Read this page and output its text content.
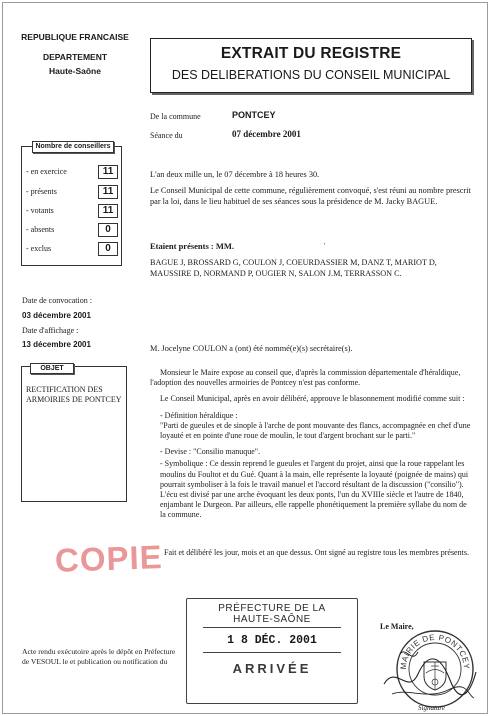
REPUBLIQUE FRANCAISE
DEPARTEMENT
Haute-Saône
EXTRAIT DU REGISTRE
DES DELIBERATIONS DU CONSEIL MUNICIPAL
De la commune	PONTCEY
Séance du	07 décembre 2001
Nombre de conseillers
- en exercice	11
- présents	11
- votants	11
- absents	0
- exclus	0
L'an deux mille un, le 07 décembre à 18 heures 30.
Le Conseil Municipal de cette commune, régulièrement convoqué, s'est réuni au nombre prescrit par la loi, dans le lieu habituel de ses séances sous la présidence de M. Jacky BAGUE.
Etaient présents : MM.	'
BAGUE J, BROSSARD G, COULON J, COEURDASSIER M, DANZ T, MARIOT D, MAUSSIRE D, NORMAND P, OUGIER N, SALON J.M, TERRASSON C.
Date de convocation :
03 décembre 2001
Date d'affichage :
13 décembre 2001	M. Jocelyne COULON a (ont) été nommé(e)(s) secrétaire(s).
OBJET
RECTIFICATION DES ARMOIRIES DE PONTCEY

Monsieur le Maire expose au conseil que, d'après la commission départementale d'héraldique, l'adoption des nouvelles armoiries de Pontcey n'est pas conforme.

Le Conseil Municipal, après en avoir délibéré, approuve le blasonnement modifié comme suit :

- Définition héraldique :
"Parti de gueules et de sinople à l'arche de pont mouvante des flancs, accompagnée en chef d'une loyauté et en pointe d'une roue de moulin, le tout d'argent brochant sur le parti."
- Devise : "Consilio manuque".
- Symbolique : Ce dessin reprend le gueules et l'argent du projet, ainsi que la roue rappelant les moulins du Foultot et du Gué. Quant à la main, elle représente la loyauté (poignée de mains) qui pourrait symboliser à la fois le travail manuel et l'accord résultant de la discussion ("consilio"). L'écu est divisé par une arche évoquant les deux ponts, l'un du XVIIIe siècle et l'autre de 1840, enjambant le Durgeon. Par ailleurs, elle rappelle phonétiquement la première syllabe du nom de la commune.
COPIE Fait et délibéré les jour, mois et an que dessus. Ont signé au registre tous les membres présents.
PRÉFECTURE DE LA
HAUTE-SAÔNE
1 8 DÉC. 2001
ARRIVÉE
Acte rendu exécutoire après le dépôt en Préfecture de VESOUL le et publication ou notification du
Le Maire,
MAIRIE DE PONTCEY
Signature
